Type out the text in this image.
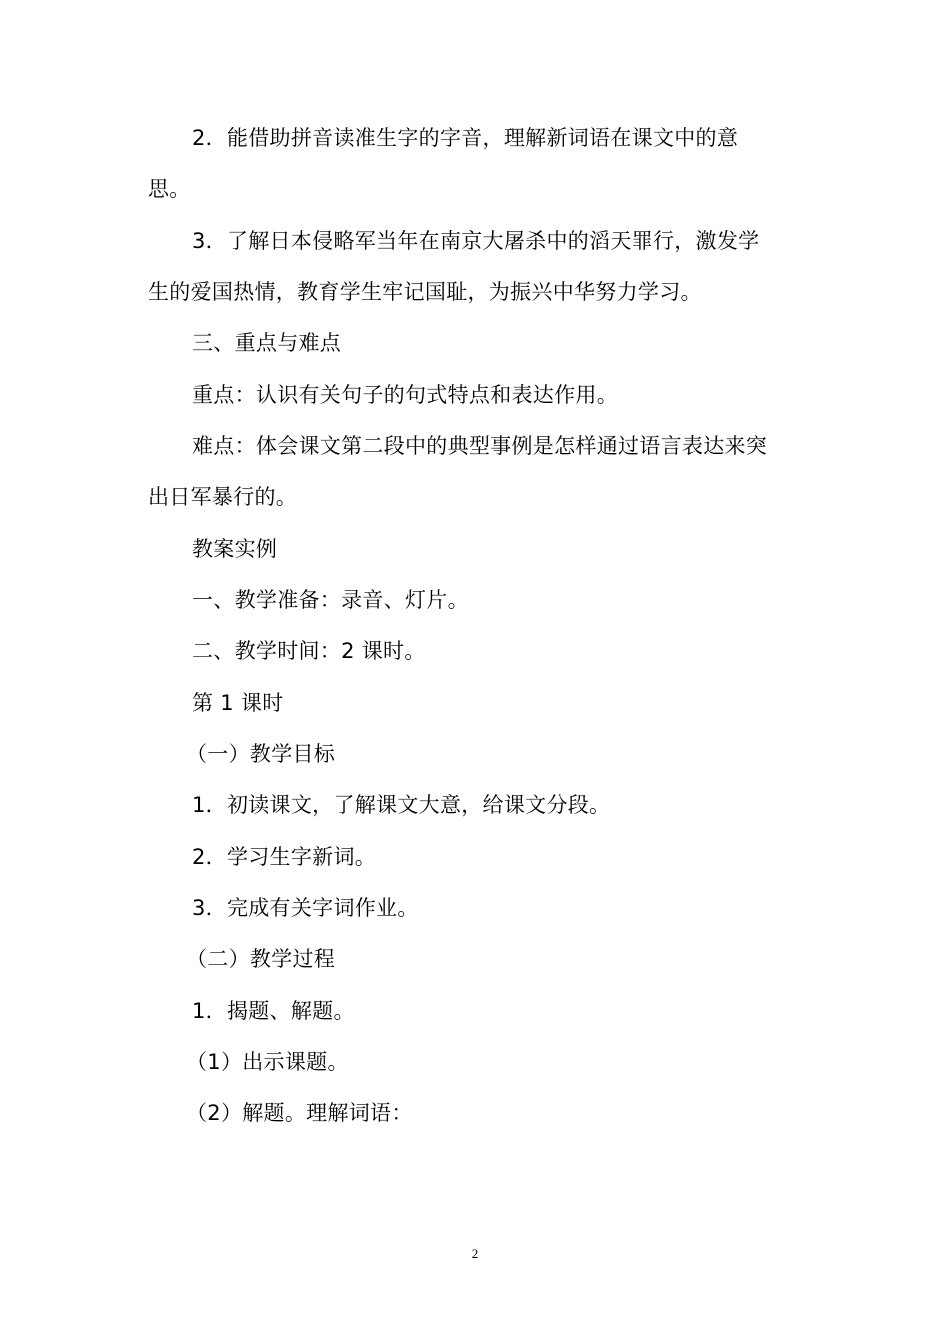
2．能借助拼音读准生字的字音，理解新词语在课文中的意
思。
3．了解日本侵略军当年在南京大屠杀中的滔天罪行，激发学
生的爱国热情，教育学生牢记国耻，为振兴中华努力学习。
三、重点与难点
重点：认识有关句子的句式特点和表达作用。
难点：体会课文第二段中的典型事例是怎样通过语言表达来突
出日军暴行的。
教案实例
一、教学准备：录音、灯片。
二、教学时间：2 课时。
第 1 课时
（一）教学目标
1．初读课文，了解课文大意，给课文分段。
2．学习生字新词。
3．完成有关字词作业。
（二）教学过程
1．揭题、解题。
（1）出示课题。
（2）解题。理解词语：
2
